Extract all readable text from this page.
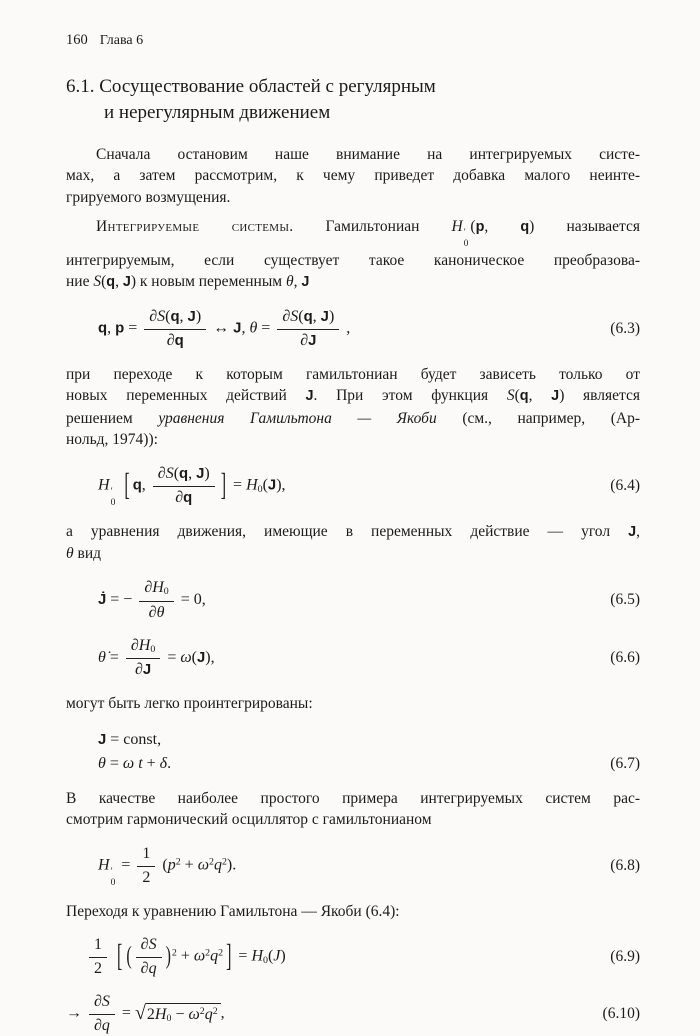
160 Глава 6
6.1. Сосуществование областей с регулярным
и нерегулярным движением
Сначала остановим наше внимание на интегрируемых систе-
мах, а затем рассмотрим, к чему приведет добавка малого неинте-
грируемого возмущения.
Интегрируемые системы. Гамильтониан H ′
0
(p, q) называется
интегрируемым, если существует такое каноническое преобразова-
ние S(q, J) к новым переменным θ, J
q, $p = \frac{\partial S(q, J)}{\partial q}$ ↔ J, $\theta = \frac{\partial S(q, J)}{\partial J}$ ,	(6.3)
при переходе к которым гамильтониан будет зависеть только от
новых переменных действий J. При этом функция S(q, J) является
решением уравнения Гамильтона — Якоби (см., например, (Ар-
нольд, 1974)):
H ′
0
[ q, $\frac{\partial S(q, J)}{\partial q}$ ] = $H_0(J)$,	(6.4)
а уравнения движения, имеющие в переменных действие — угол J,
θ вид
J̇ = − $\frac{\partial H_0}{\partial\theta} = 0$,	(6.5)
θ̇ = $\frac{\partial H_0}{\partial J} = \omega(J)$,	(6.6)
могут быть легко проинтегрированы:
J = const,
θ = ω t + δ.	(6.7)
В качестве наиболее простого примера интегрируемых систем рас-
смотрим гармонический осциллятор с гамильтонианом
H ′
0
= $\frac{1}{2} (p^2 + \omega^2q^2)$.	(6.8)
Переходя к уравнению Гамильтона — Якоби (6.4):
$\frac{1}{2}$ [ ( $\frac{\partial S}{\partial q} )^2 + \omega^2q^2$ ] = $H_0(J)$	(6.9)
→ $\frac{\partial S}{\partial q}$ = √ $2H_0 - \omega^2q^2$ ,	(6.10)
